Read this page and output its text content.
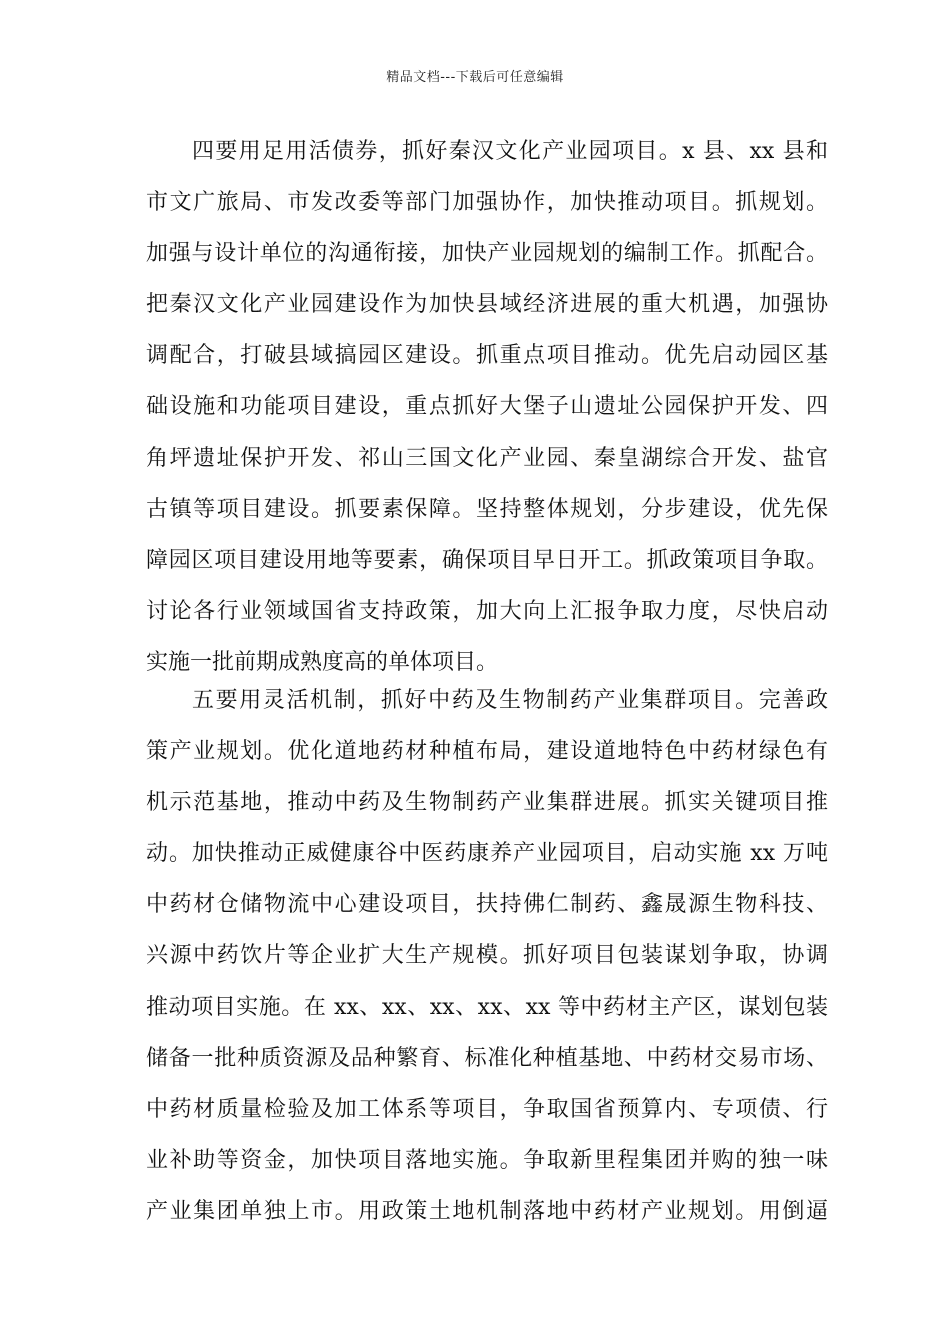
精品文档---下载后可任意编辑
四要用足用活债券，抓好秦汉文化产业园项目。x 县、xx 县和
市文广旅局、市发改委等部门加强协作，加快推动项目。抓规划。
加强与设计单位的沟通衔接，加快产业园规划的编制工作。抓配合。
把秦汉文化产业园建设作为加快县域经济进展的重大机遇，加强协
调配合，打破县域搞园区建设。抓重点项目推动。优先启动园区基
础设施和功能项目建设，重点抓好大堡子山遗址公园保护开发、四
角坪遗址保护开发、祁山三国文化产业园、秦皇湖综合开发、盐官
古镇等项目建设。抓要素保障。坚持整体规划，分步建设，优先保
障园区项目建设用地等要素，确保项目早日开工。抓政策项目争取。
讨论各行业领域国省支持政策，加大向上汇报争取力度，尽快启动
实施一批前期成熟度高的单体项目。
五要用灵活机制，抓好中药及生物制药产业集群项目。完善政
策产业规划。优化道地药材种植布局，建设道地特色中药材绿色有
机示范基地，推动中药及生物制药产业集群进展。抓实关键项目推
动。加快推动正威健康谷中医药康养产业园项目，启动实施 xx 万吨
中药材仓储物流中心建设项目，扶持佛仁制药、鑫晟源生物科技、
兴源中药饮片等企业扩大生产规模。抓好项目包装谋划争取，协调
推动项目实施。在 xx、xx、xx、xx、xx 等中药材主产区，谋划包装
储备一批种质资源及品种繁育、标准化种植基地、中药材交易市场、
中药材质量检验及加工体系等项目，争取国省预算内、专项债、行
业补助等资金，加快项目落地实施。争取新里程集团并购的独一味
产业集团单独上市。用政策土地机制落地中药材产业规划。用倒逼
